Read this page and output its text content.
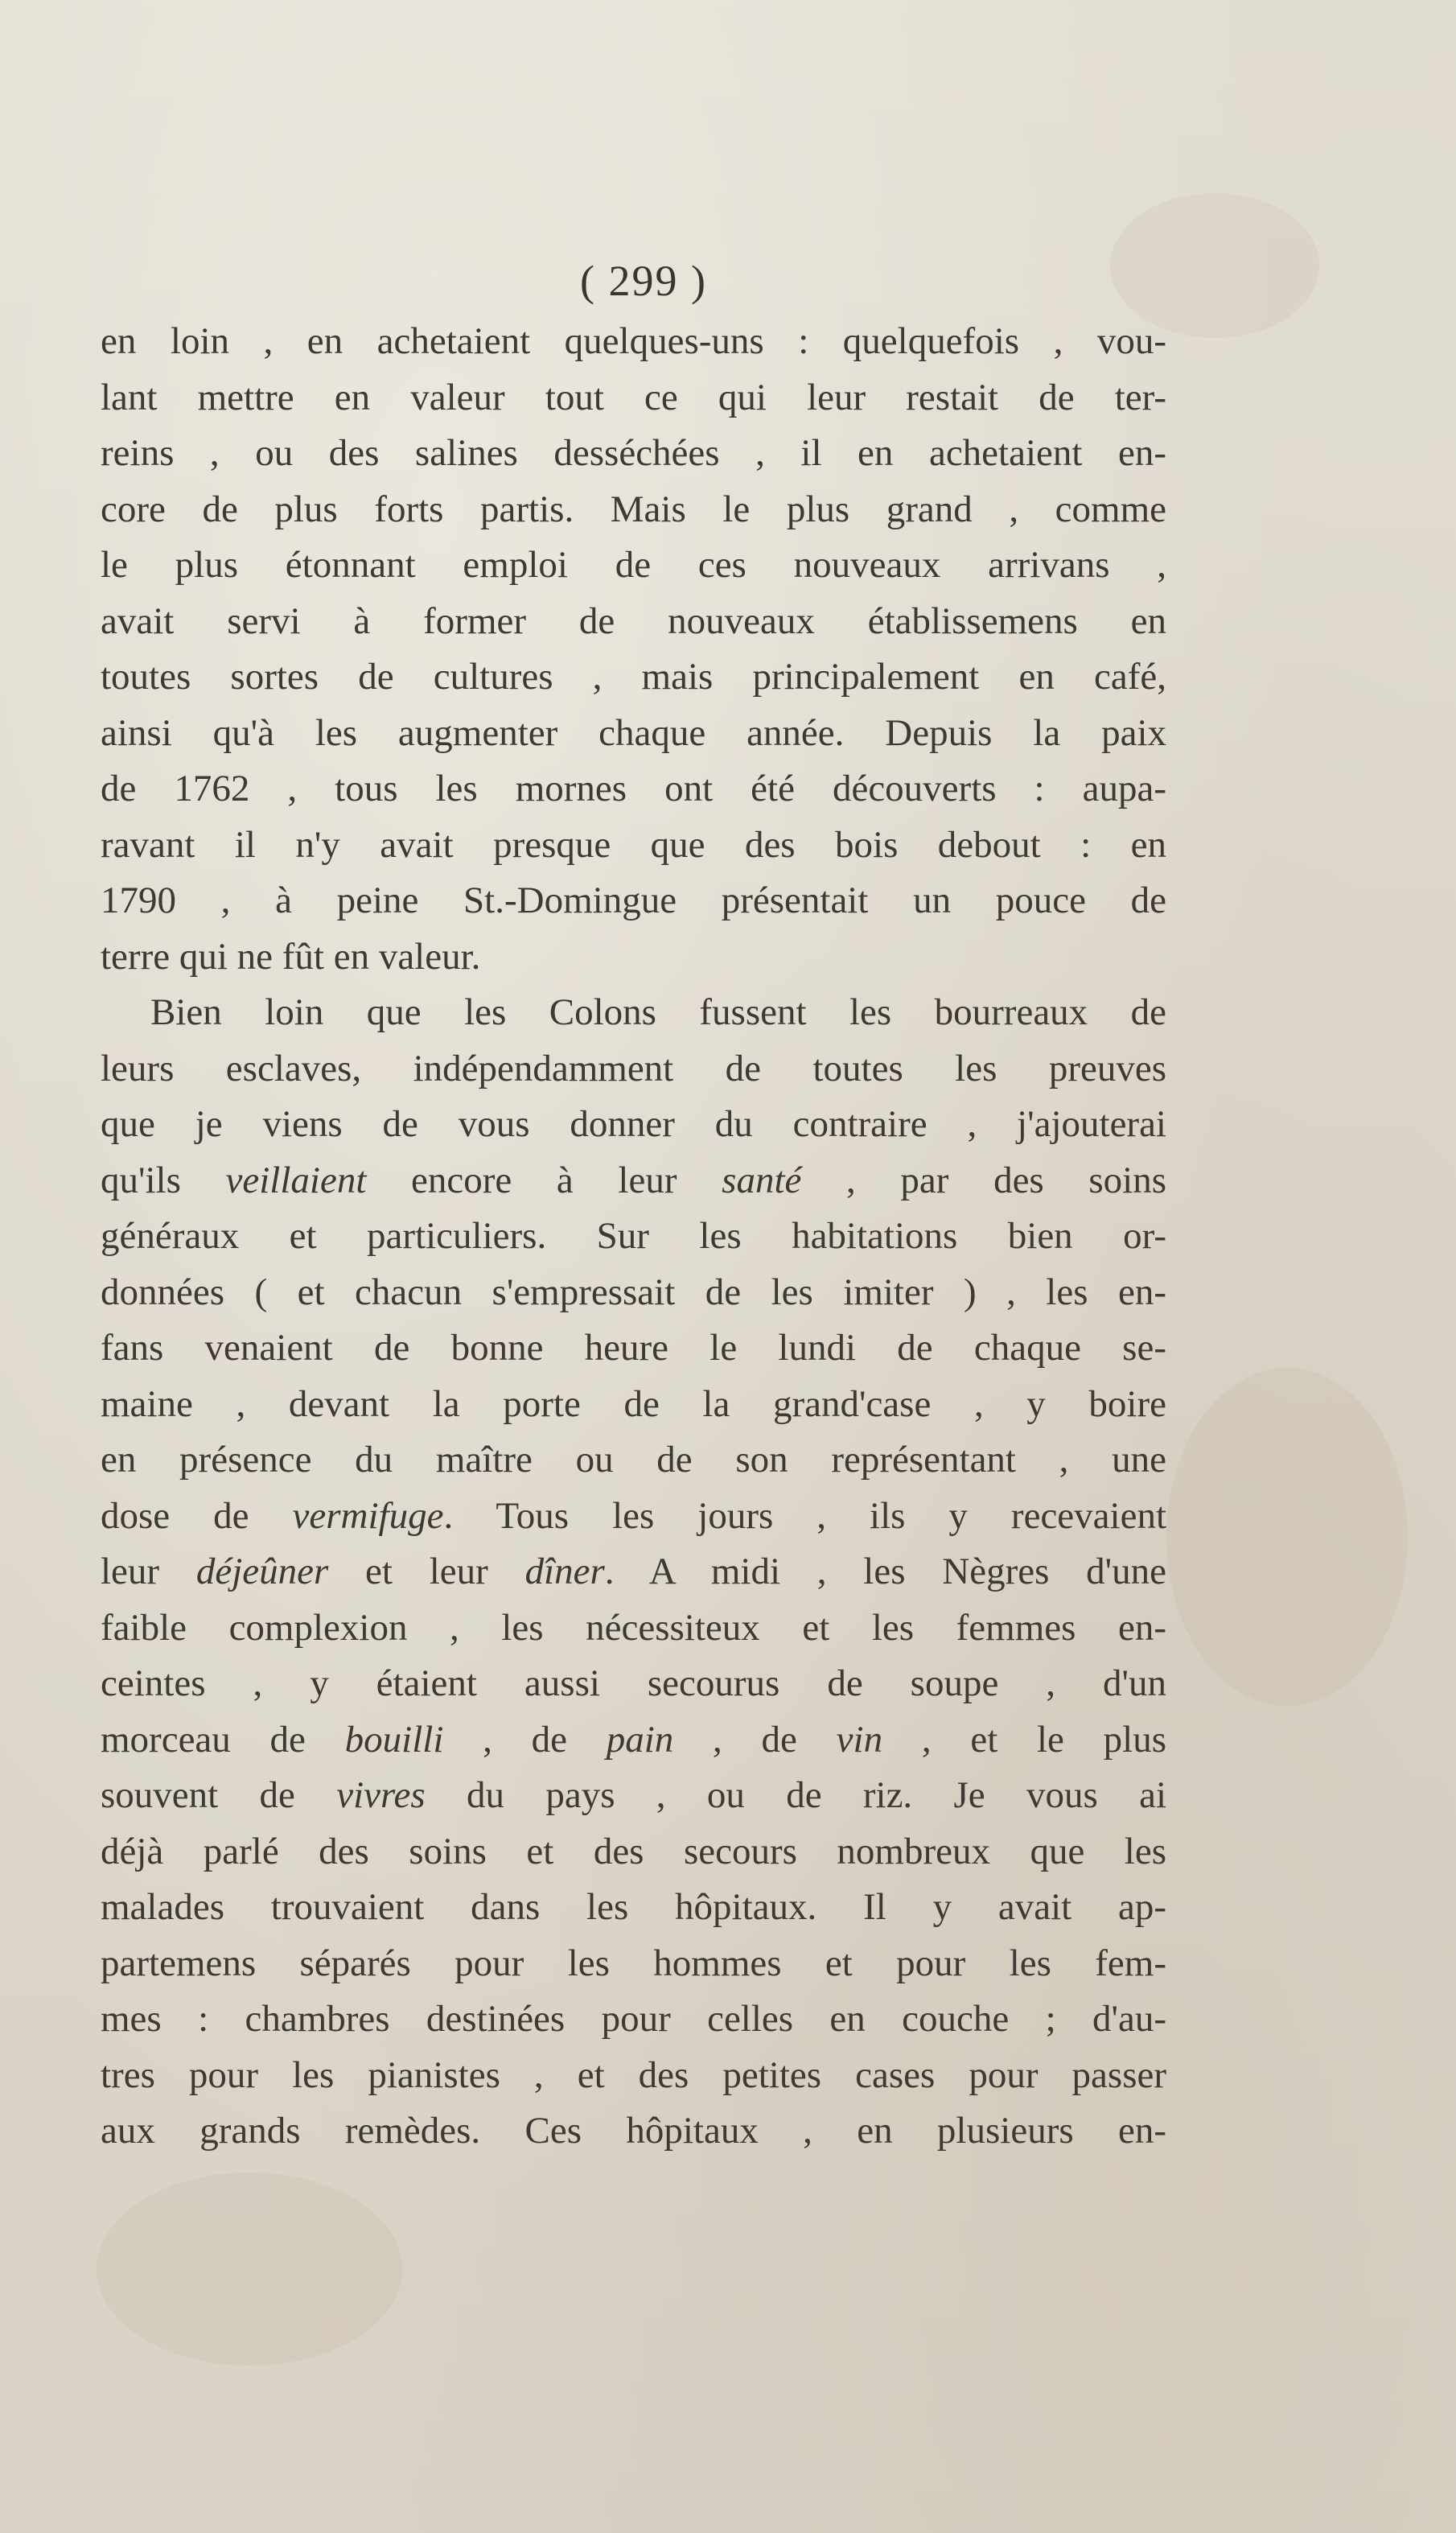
( 299 )
en loin , en achetaient quelques-uns : quelquefois , vou-
lant mettre en valeur tout ce qui leur restait de ter-
reins , ou des salines desséchées , il en achetaient en-
core de plus forts partis. Mais le plus grand , comme
le plus étonnant emploi de ces nouveaux arrivans ,
avait servi à former de nouveaux établissemens en
toutes sortes de cultures , mais principalement en café,
ainsi qu'à les augmenter chaque année. Depuis la paix
de 1762 , tous les mornes ont été découverts : aupa-
ravant il n'y avait presque que des bois debout : en
1790 , à peine St.-Domingue présentait un pouce de
terre qui ne fût en valeur.
Bien loin que les Colons fussent les bourreaux de
leurs esclaves, indépendamment de toutes les preuves
que je viens de vous donner du contraire , j'ajouterai
qu'ils veillaient encore à leur santé , par des soins
généraux et particuliers. Sur les habitations bien or-
données ( et chacun s'empressait de les imiter ) , les en-
fans venaient de bonne heure le lundi de chaque se-
maine , devant la porte de la grand'case , y boire
en présence du maître ou de son représentant , une
dose de vermifuge. Tous les jours , ils y recevaient
leur déjeûner et leur dîner. A midi , les Nègres d'une
faible complexion , les nécessiteux et les femmes en-
ceintes , y étaient aussi secourus de soupe , d'un
morceau de bouilli , de pain , de vin , et le plus
souvent de vivres du pays , ou de riz. Je vous ai
déjà parlé des soins et des secours nombreux que les
malades trouvaient dans les hôpitaux. Il y avait ap-
partemens séparés pour les hommes et pour les fem-
mes : chambres destinées pour celles en couche ; d'au-
tres pour les pianistes , et des petites cases pour passer
aux grands remèdes. Ces hôpitaux , en plusieurs en-
